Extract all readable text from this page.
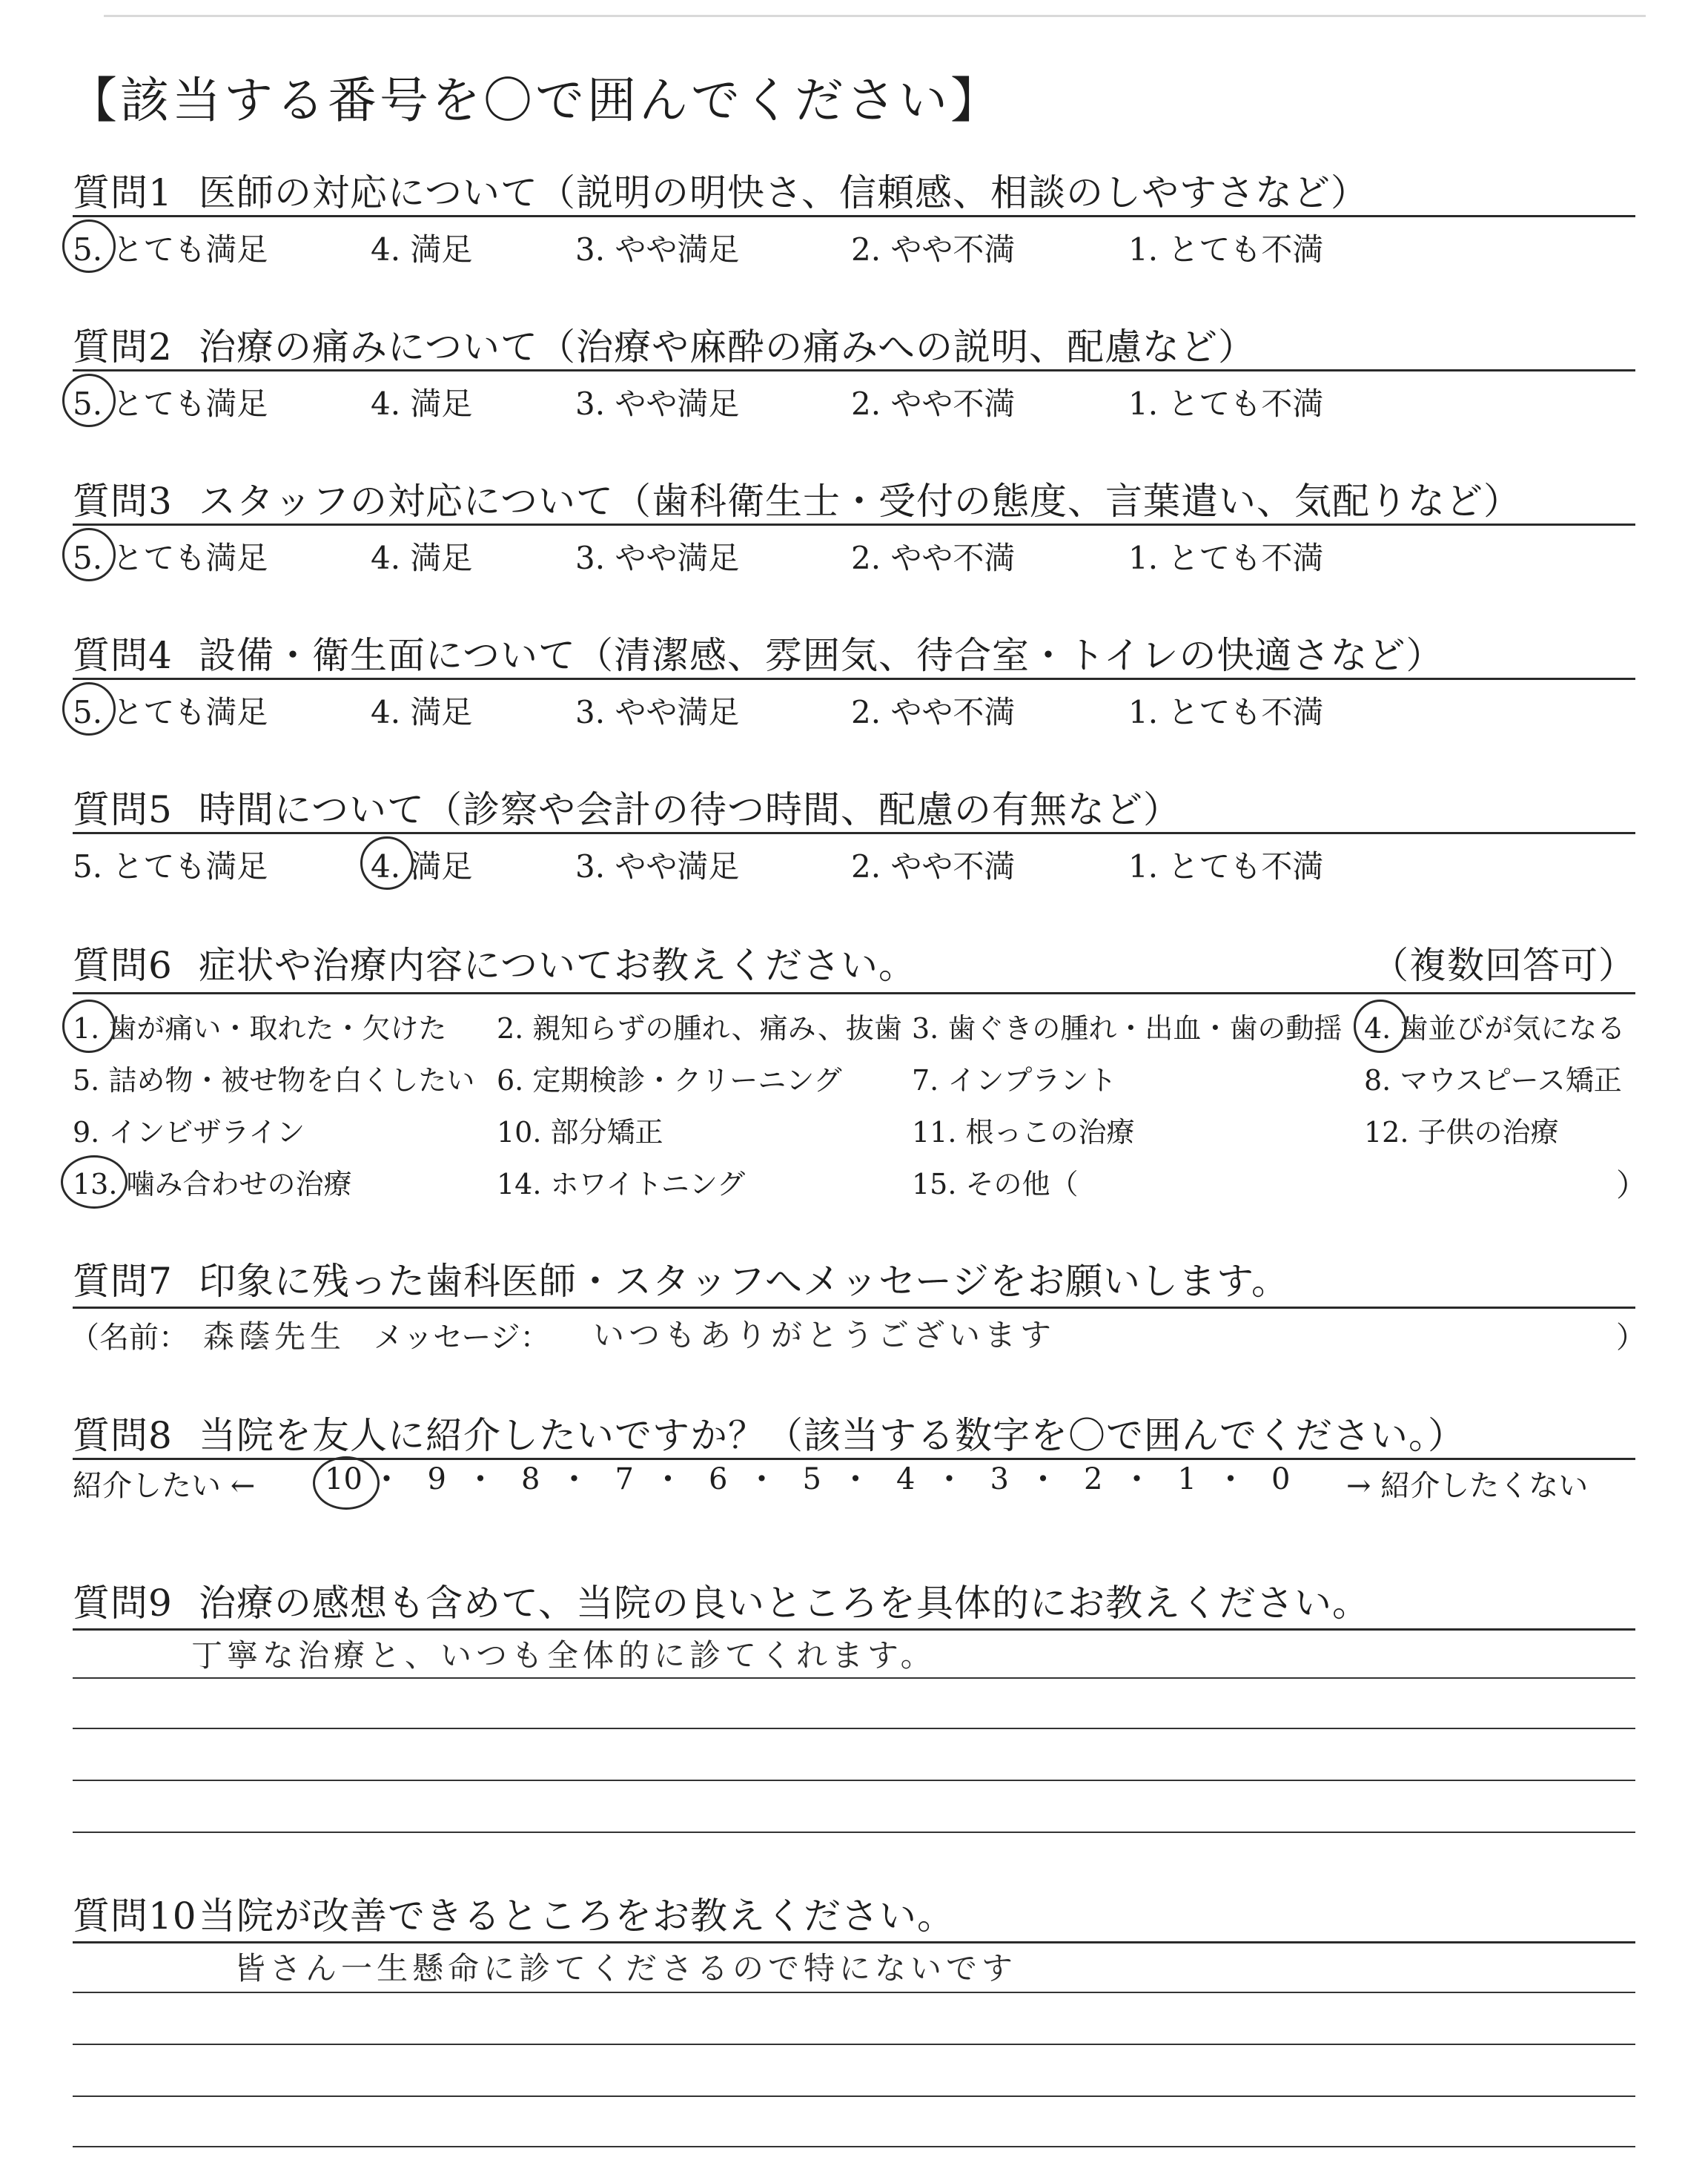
【該当する番号を〇で囲んでください】
質問1 医師の対応について（説明の明快さ、信頼感、相談のしやすさなど）
5. とても満足	4. 満足	3. やや満足	2. やや不満	1. とても不満
質問2 治療の痛みについて（治療や麻酔の痛みへの説明、配慮など）
5. とても満足	4. 満足	3. やや満足	2. やや不満	1. とても不満
質問3 スタッフの対応について（歯科衛生士・受付の態度、言葉遣い、気配りなど）
5. とても満足	4. 満足	3. やや満足	2. やや不満	1. とても不満
質問4 設備・衛生面について（清潔感、雰囲気、待合室・トイレの快適さなど）
5. とても満足	4. 満足	3. やや満足	2. やや不満	1. とても不満
質問5 時間について（診察や会計の待つ時間、配慮の有無など）
5. とても満足	4. 満足	3. やや満足	2. やや不満	1. とても不満
質問6 症状や治療内容についてお教えください。	（複数回答可）
1. 歯が痛い・取れた・欠けた 2. 親知らずの腫れ、痛み、抜歯 3. 歯ぐきの腫れ・出血・歯の動揺 4. 歯並びが気になる
5. 詰め物・被せ物を白くしたい 6. 定期検診・クリーニング 7. インプラント	8. マウスピース矯正
9. インビザライン	10. 部分矯正	11. 根っこの治療	12. 子供の治療
13. 噛み合わせの治療	14. ホワイトニング	15. その他（	）
質問7 印象に残った歯科医師・スタッフへメッセージをお願いします。
（名前： 森蔭先生 メッセージ： いつもありがとうございます	）
質問8 当院を友人に紹介したいですか？（該当する数字を〇で囲んでください。）
紹介したい ←	→ 紹介したくない
10 • 9 • 8 • 7 • 6 • 5 • 4 • 3 • 2 • 1 • 0
質問9 治療の感想も含めて、当院の良いところを具体的にお教えください。
丁寧な治療と、いつも全体的に診てくれます。
質問10当院が改善できるところをお教えください。
皆さん一生懸命に診てくださるので特にないです
